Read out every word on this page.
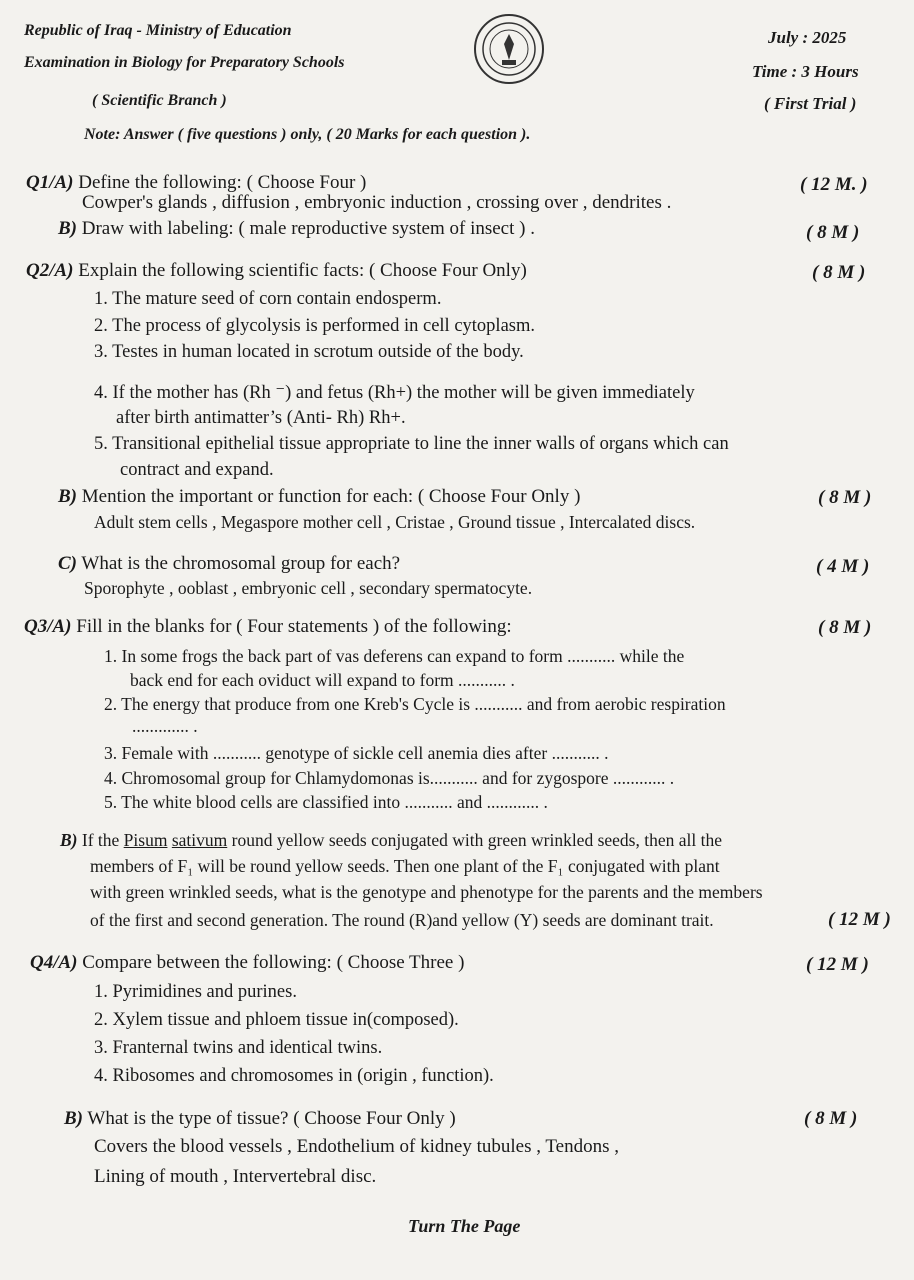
Republic of Iraq - Ministry of Education
Examination in Biology for Preparatory Schools
( Scientific Branch )
Note: Answer ( five questions ) only, ( 20 Marks for each question ).
July : 2025
Time : 3 Hours
( First Trial )
Q1/A) Define the following: ( Choose Four )	( 12 M. )
Cowper's glands , diffusion , embryonic induction , crossing over , dendrites .
B) Draw with labeling: ( male reproductive system of insect ) .	( 8 M )
Q2/A) Explain the following scientific facts: ( Choose Four Only)	( 8 M )
1. The mature seed of corn contain endosperm.
2. The process of glycolysis is performed in cell cytoplasm.
3. Testes in human located in scrotum outside of the body.
4. If the mother has (Rh ⁻) and fetus (Rh+) the mother will be given immediately
after birth antimatter’s (Anti- Rh) Rh+.
5. Transitional epithelial tissue appropriate to line the inner walls of organs which can
contract and expand.
B) Mention the important or function for each: ( Choose Four Only )	( 8 M )
Adult stem cells , Megaspore mother cell , Cristae , Ground tissue , Intercalated discs.
C) What is the chromosomal group for each?	( 4 M )
Sporophyte , ooblast , embryonic cell , secondary spermatocyte.
Q3/A) Fill in the blanks for ( Four statements ) of the following:	( 8 M )
1. In some frogs the back part of vas deferens can expand to form ........... while the
back end for each oviduct will expand to form ........... .
2. The energy that produce from one Kreb's Cycle is ........... and from aerobic respiration
............. .
3. Female with ........... genotype of sickle cell anemia dies after ........... .
4. Chromosomal group for Chlamydomonas is........... and for zygospore ............ .
5. The white blood cells are classified into ........... and ............ .
B) If the Pisum sativum round yellow seeds conjugated with green wrinkled seeds, then all the
members of F₁ will be round yellow seeds. Then one plant of the F₁ conjugated with plant
with green wrinkled seeds, what is the genotype and phenotype for the parents and the members
of the first and second generation. The round (R)and yellow (Y) seeds are dominant trait.	( 12 M )
Q4/A) Compare between the following: ( Choose Three )	( 12 M )
1. Pyrimidines and purines.
2. Xylem tissue and phloem tissue in(composed).
3. Franternal twins and identical twins.
4. Ribosomes and chromosomes in (origin , function).
B) What is the type of tissue? ( Choose Four Only )	( 8 M )
Covers the blood vessels , Endothelium of kidney tubules , Tendons ,
Lining of mouth , Intervertebral disc.
Turn The Page
